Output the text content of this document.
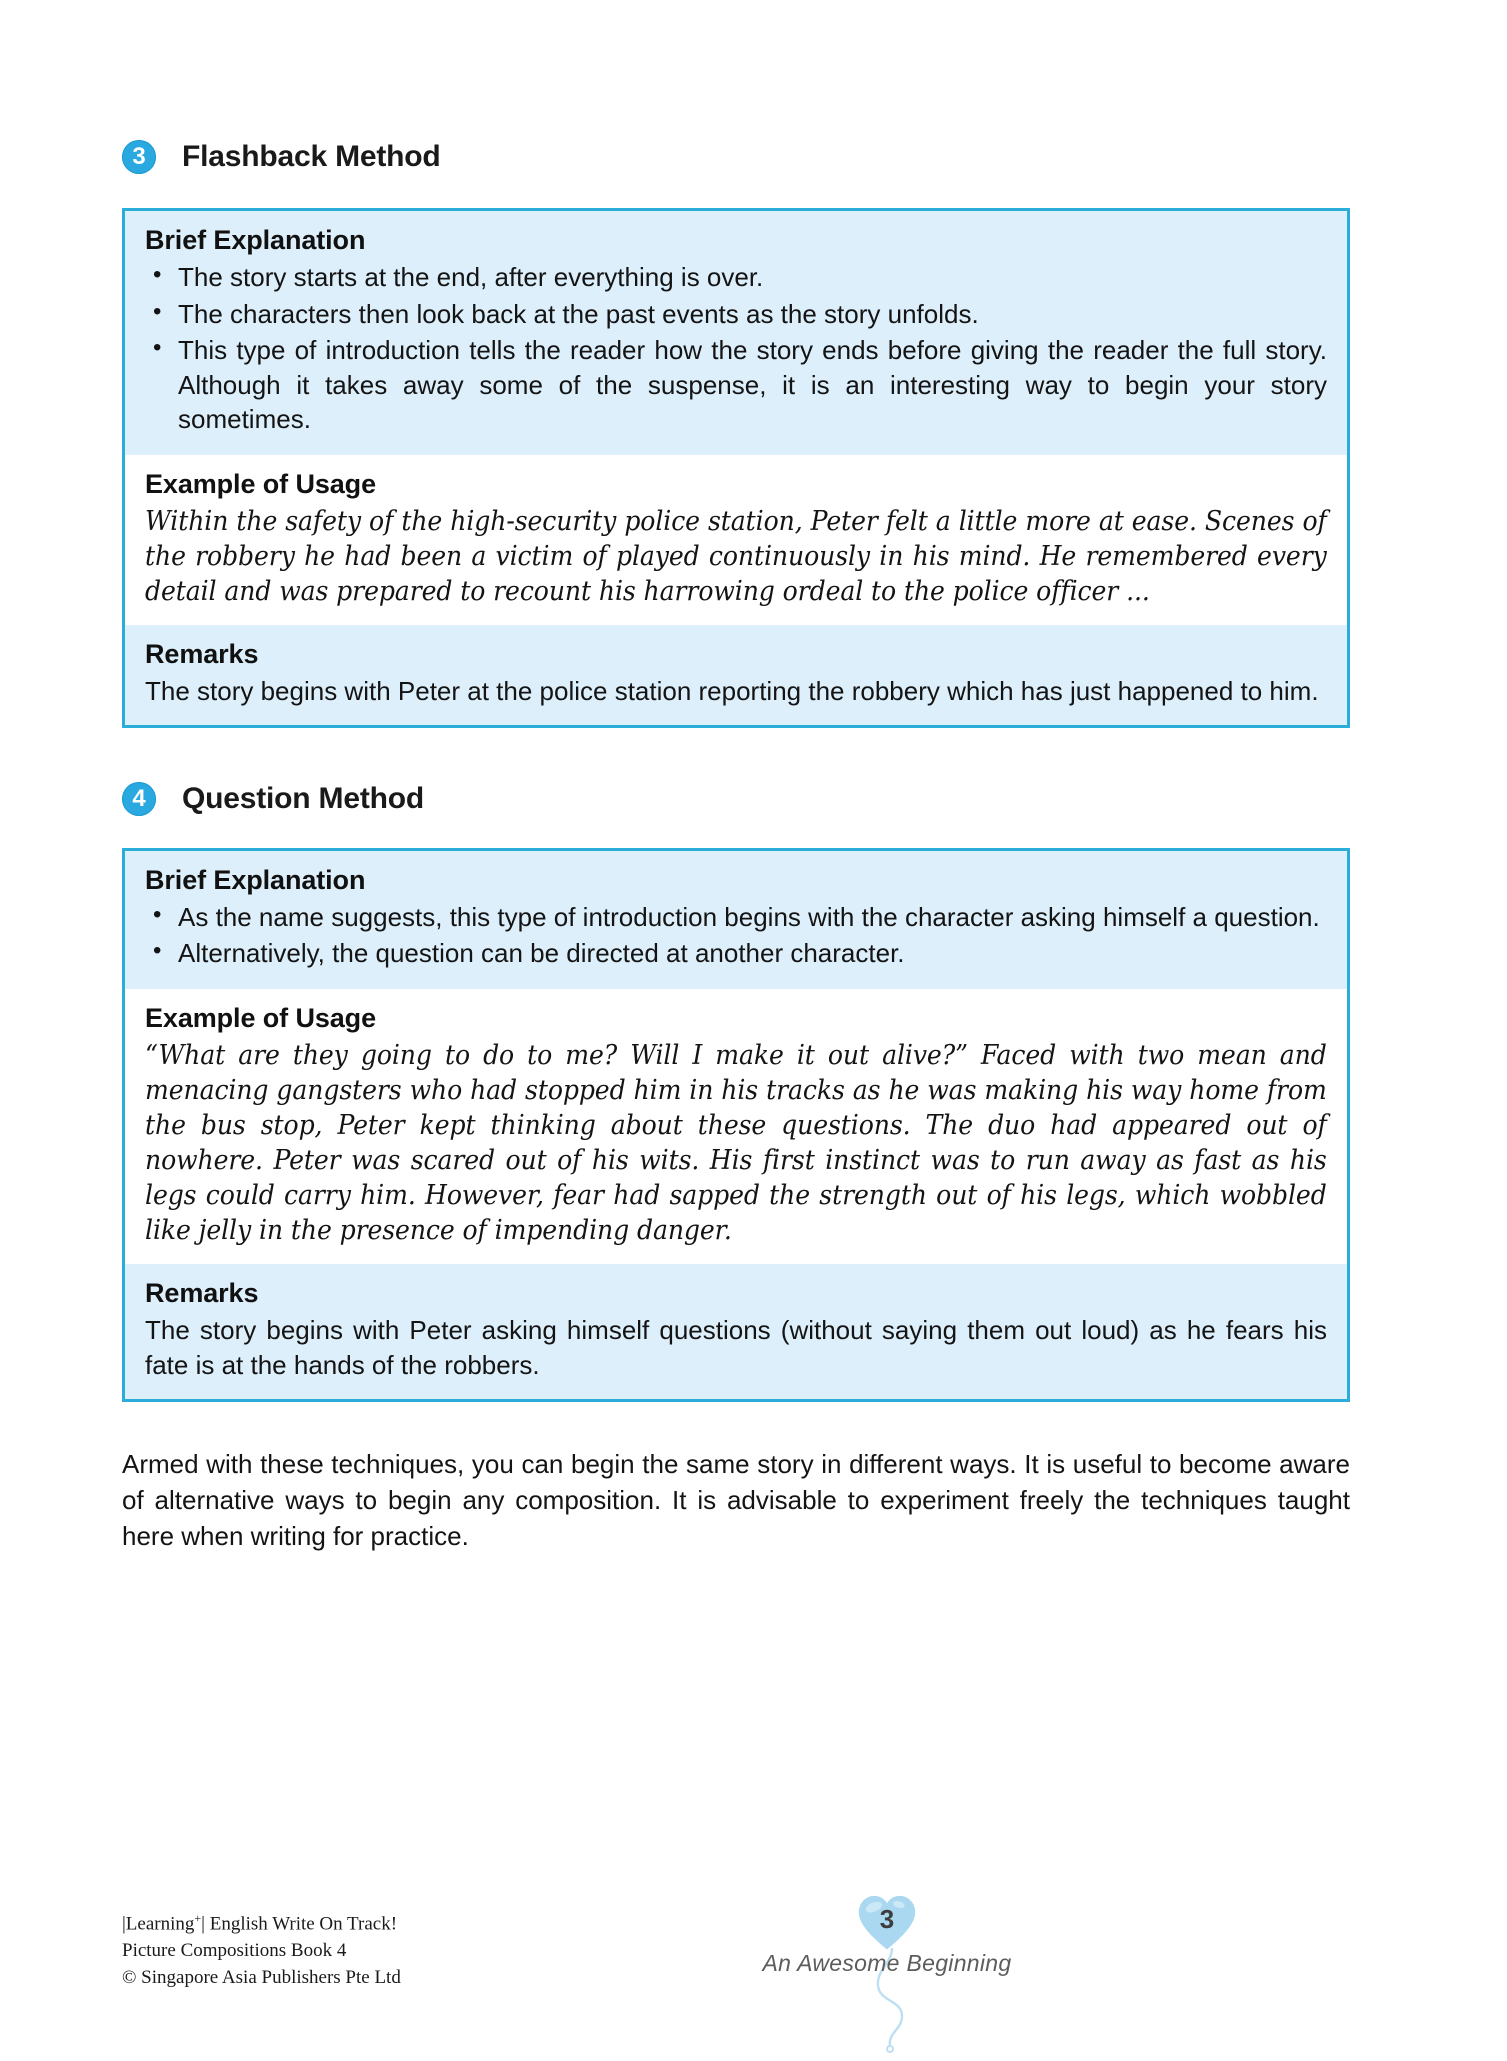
3	Flashback Method
Brief Explanation
• The story starts at the end, after everything is over.
• The characters then look back at the past events as the story unfolds.
• This type of introduction tells the reader how the story ends before giving the reader the full story. Although it takes away some of the suspense, it is an interesting way to begin your story sometimes.
Example of Usage

Within the safety of the high-security police station, Peter felt a little more at ease. Scenes of the robbery he had been a victim of played continuously in his mind. He remembered every detail and was prepared to recount his harrowing ordeal to the police officer ...

Remarks

The story begins with Peter at the police station reporting the robbery which has just happened to him.

4	Question Method
Brief Explanation
• As the name suggests, this type of introduction begins with the character asking himself a question.
• Alternatively, the question can be directed at another character.
Example of Usage

“What are they going to do to me? Will I make it out alive?” Faced with two mean and menacing gangsters who had stopped him in his tracks as he was making his way home from the bus stop, Peter kept thinking about these questions. The duo had appeared out of nowhere. Peter was scared out of his wits. His first instinct was to run away as fast as his legs could carry him. However, fear had sapped the strength out of his legs, which wobbled like jelly in the presence of impending danger.

Remarks

The story begins with Peter asking himself questions (without saying them out loud) as he fears his fate is at the hands of the robbers.

Armed with these techniques, you can begin the same story in different ways. It is useful to become aware of alternative ways to begin any composition. It is advisable to experiment freely the techniques taught here when writing for practice.

|Learning+| English Write On Track!
Picture Compositions Book 4
© Singapore Asia Publishers Pte Ltd
3
An Awesome Beginning
